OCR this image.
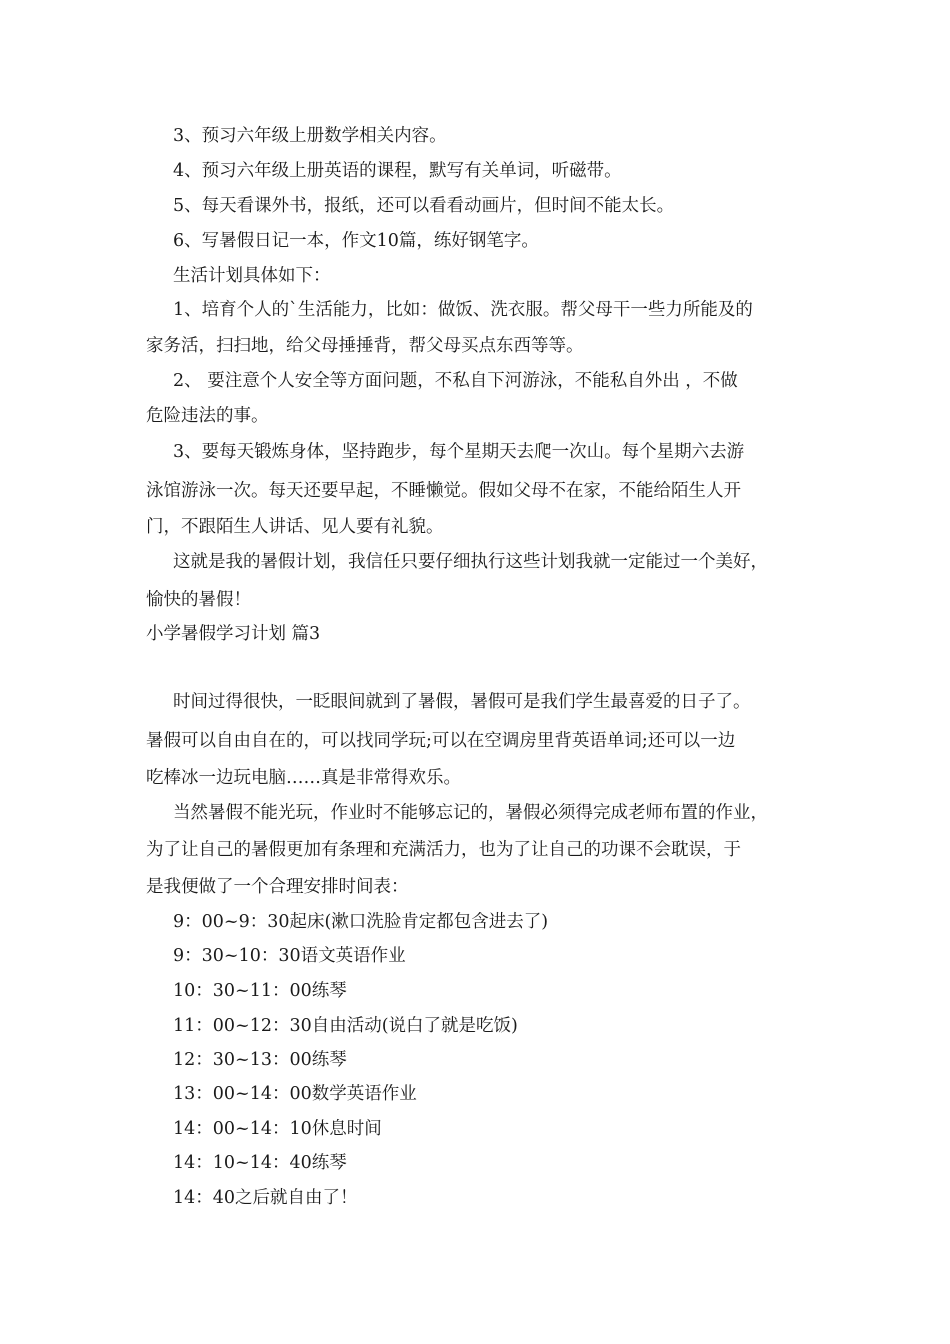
3、预习六年级上册数学相关内容。
4、预习六年级上册英语的课程，默写有关单词，听磁带。
5、每天看课外书，报纸，还可以看看动画片，但时间不能太长。
6、写暑假日记一本，作文10篇，练好钢笔字。
生活计划具体如下：
1、培育个人的`生活能力，比如：做饭、洗衣服。帮父母干一些力所能及的
家务活，扫扫地，给父母捶捶背，帮父母买点东西等等。
2、 要注意个人安全等方面问题，不私自下河游泳，不能私自外出 ，不做
危险违法的事。
3、要每天锻炼身体，坚持跑步，每个星期天去爬一次山。每个星期六去游
泳馆游泳一次。每天还要早起，不睡懒觉。假如父母不在家，不能给陌生人开
门，不跟陌生人讲话、见人要有礼貌。
这就是我的暑假计划，我信任只要仔细执行这些计划我就一定能过一个美好，
愉快的暑假！
小学暑假学习计划 篇3
时间过得很快，一眨眼间就到了暑假，暑假可是我们学生最喜爱的日子了。
暑假可以自由自在的，可以找同学玩;可以在空调房里背英语单词;还可以一边
吃棒冰一边玩电脑……真是非常得欢乐。
当然暑假不能光玩，作业时不能够忘记的，暑假必须得完成老师布置的作业，
为了让自己的暑假更加有条理和充满活力，也为了让自己的功课不会耽误，于
是我便做了一个合理安排时间表：
9：00~9：30起床(漱口洗脸肯定都包含进去了)
9：30~10：30语文英语作业
10：30~11：00练琴
11：00~12：30自由活动(说白了就是吃饭)
12：30~13：00练琴
13：00~14：00数学英语作业
14：00~14：10休息时间
14：10~14：40练琴
14：40之后就自由了！
